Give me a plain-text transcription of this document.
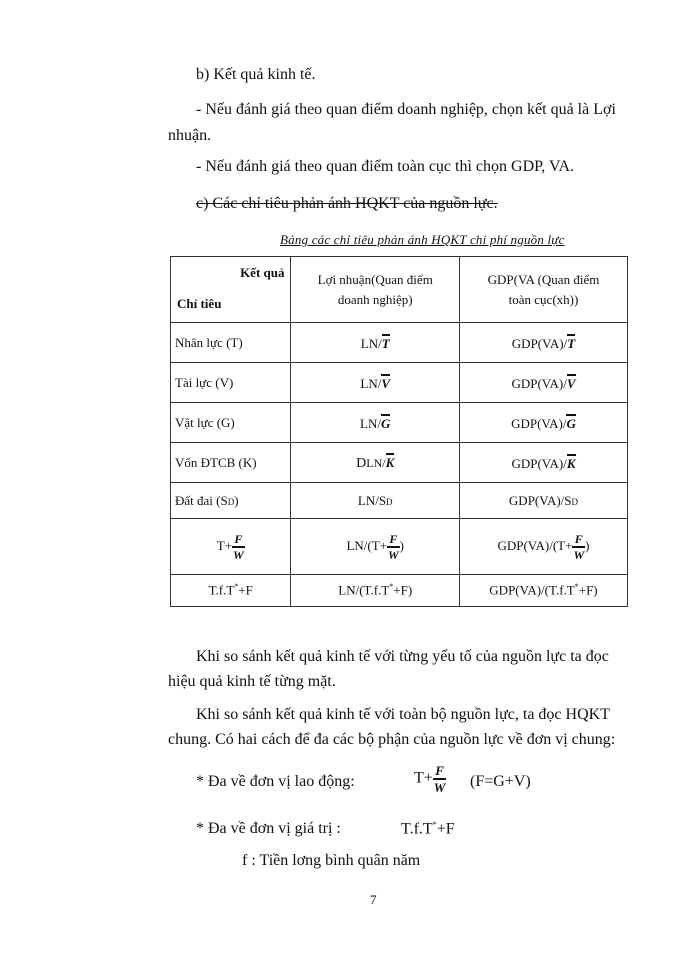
b) Kết quả kinh tế.
- Nếu đánh giá theo quan điểm doanh nghiệp, chọn kết quả là Lợi
nhuận.
- Nếu đánh giá theo quan điểm toàn cục thì chọn GDP, VA.
c) Các chỉ tiêu phản ánh HQKT của nguồn lực.
Bảng các chỉ tiêu phản ánh HQKT chi phí nguồn lực
Kết quả
Chỉ tiêu	Lợi nhuận(Quan điểm doanh nghiệp)	GDP(VA (Quan điểm toàn cục(xh))
Nhân lực (T)	LN/T	GDP(VA)/T
Tài lực (V)	LN/V	GDP(VA)/V
Vật lực (G)	LN/G	GDP(VA)/G
Vốn ĐTCB (K)	DLN/K	GDP(VA)/K
Đất đai (SD)	LN/SD	GDP(VA)/SD
$T+ \frac{F}{W}$	$LN/(T+ \frac{F}{W}$ )	$GDP(VA)/(T+ \frac{F}{W}$ )
T.f.T*+F	LN/(T.f.T*+F)	GDP(VA)/(T.f.T*+F)
Khi so sánh kết quả kinh tế với từng yếu tố của nguồn lực ta đọc
hiệu quả kinh tế từng mặt.
Khi so sánh kết quả kinh tế với toàn bộ nguồn lực, ta đọc HQKT
chung. Có hai cách để đa các bộ phận của nguồn lực về đơn vị chung:
* Đa về đơn vị lao động:	$T+ \frac{F}{W} (F=G+V)$
* Đa về đơn vị giá trị :	T.f.T*+F
f : Tiền lơng bình quân năm
7
